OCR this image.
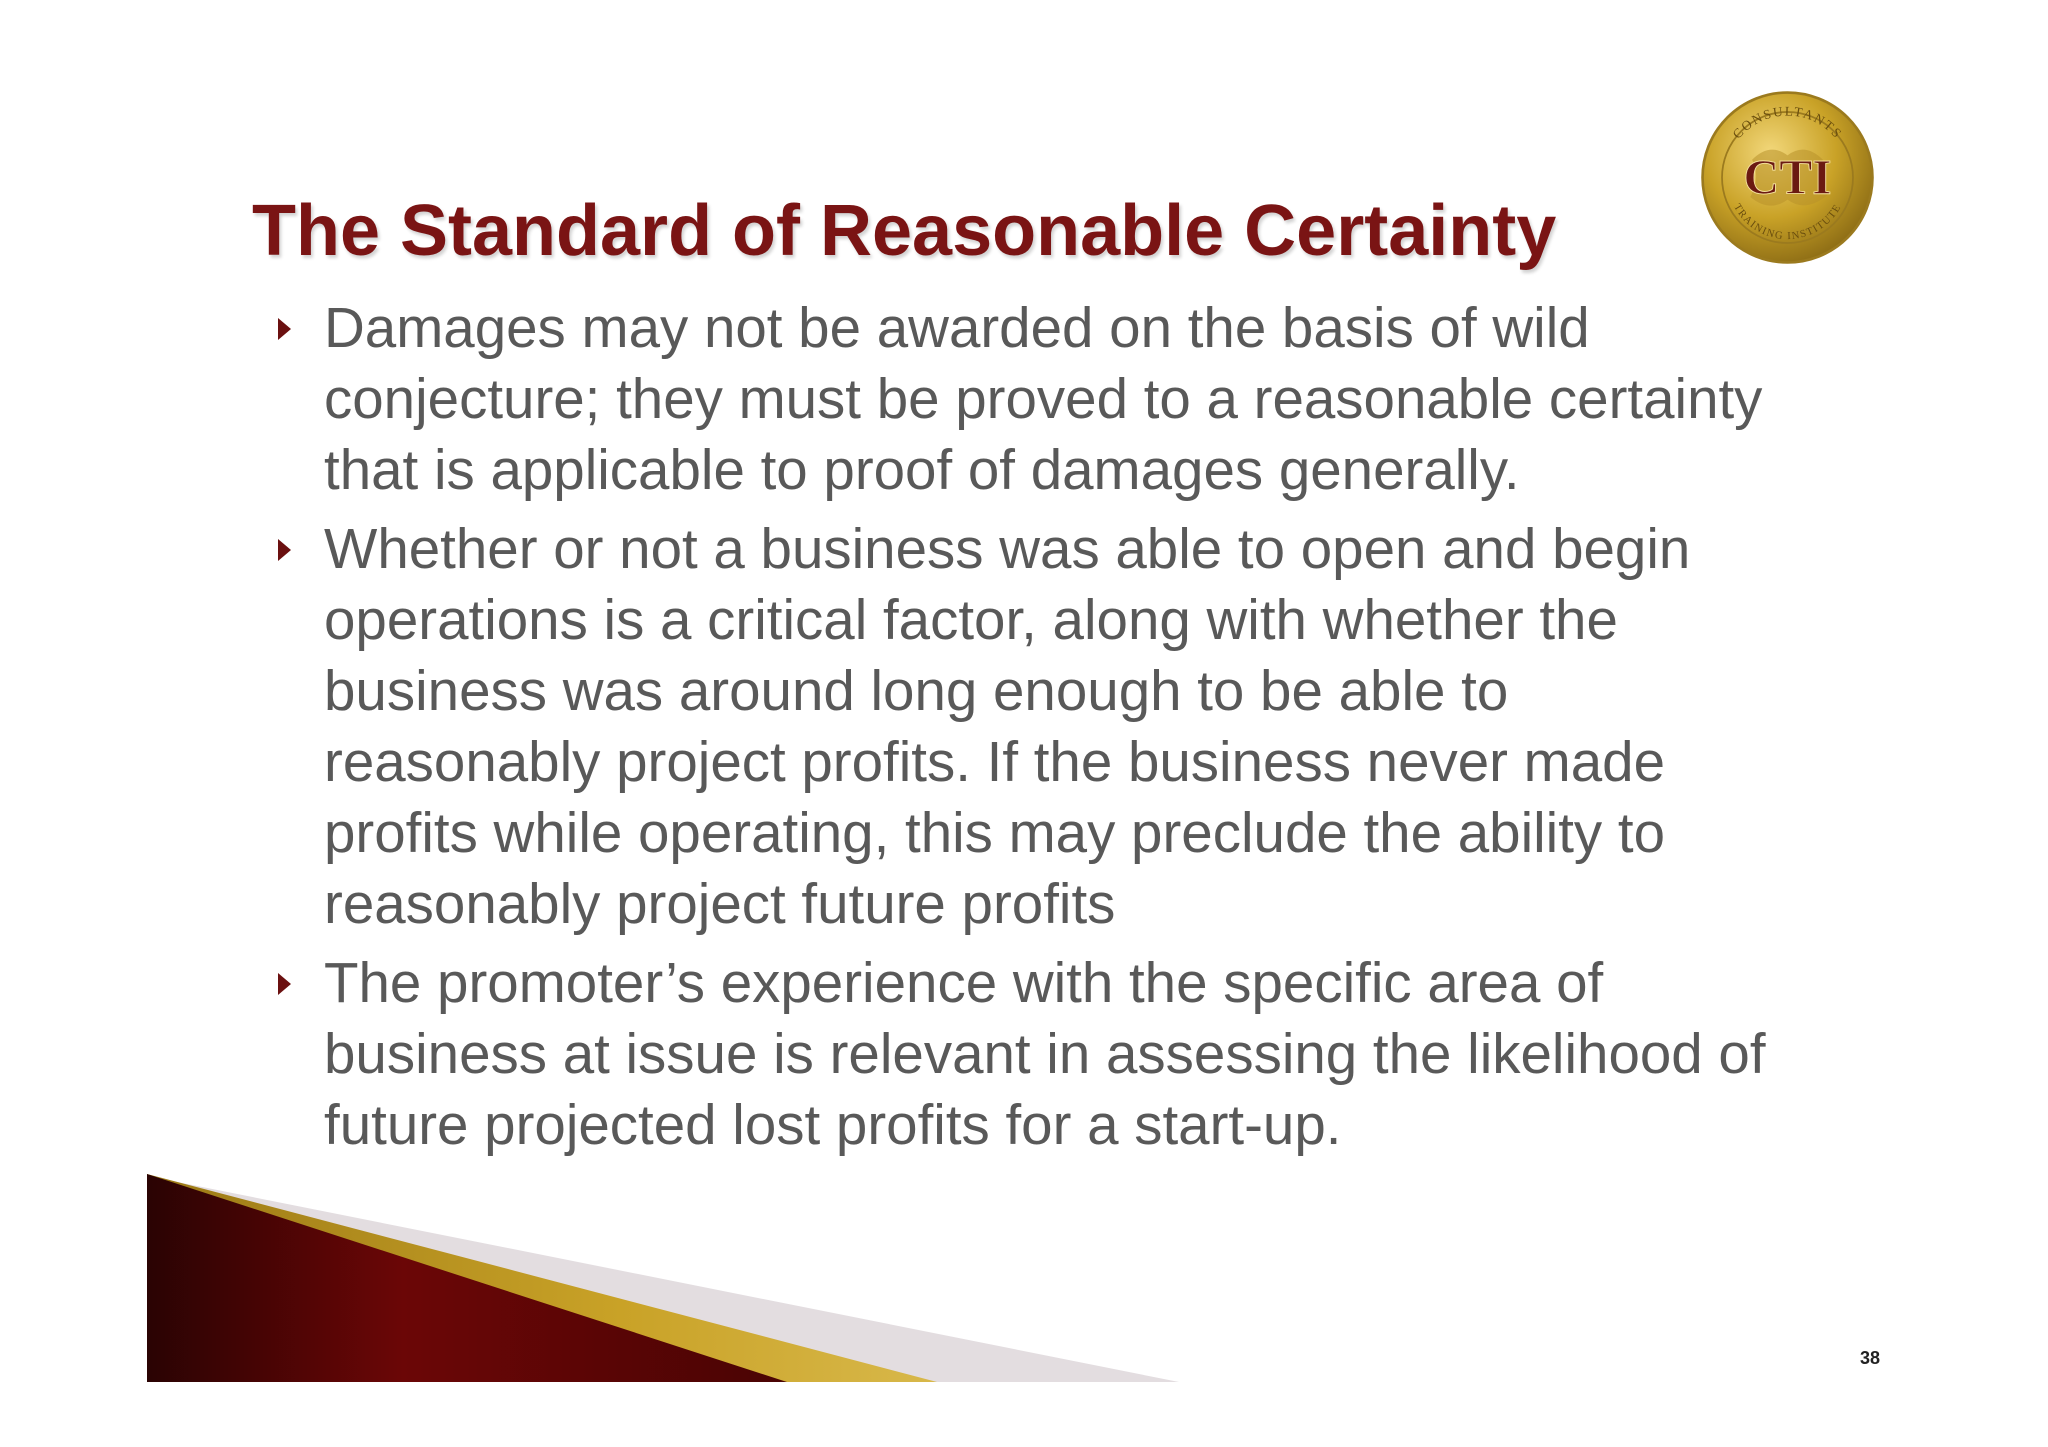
The Standard of Reasonable Certainty
CONSULTANTS
TRAINING INSTITUTE
CTI
Damages may not be awarded on the basis of wild conjecture; they must be proved to a reasonable certainty that is applicable to proof of damages generally.
Whether or not a business was able to open and begin operations is a critical factor, along with whether the business was around long enough to be able to reasonably project profits. If the business never made profits while operating, this may preclude the ability to reasonably project future profits
The promoter’s experience with the specific area of business at issue is relevant in assessing the likelihood of future projected lost profits for a start-up.
38
